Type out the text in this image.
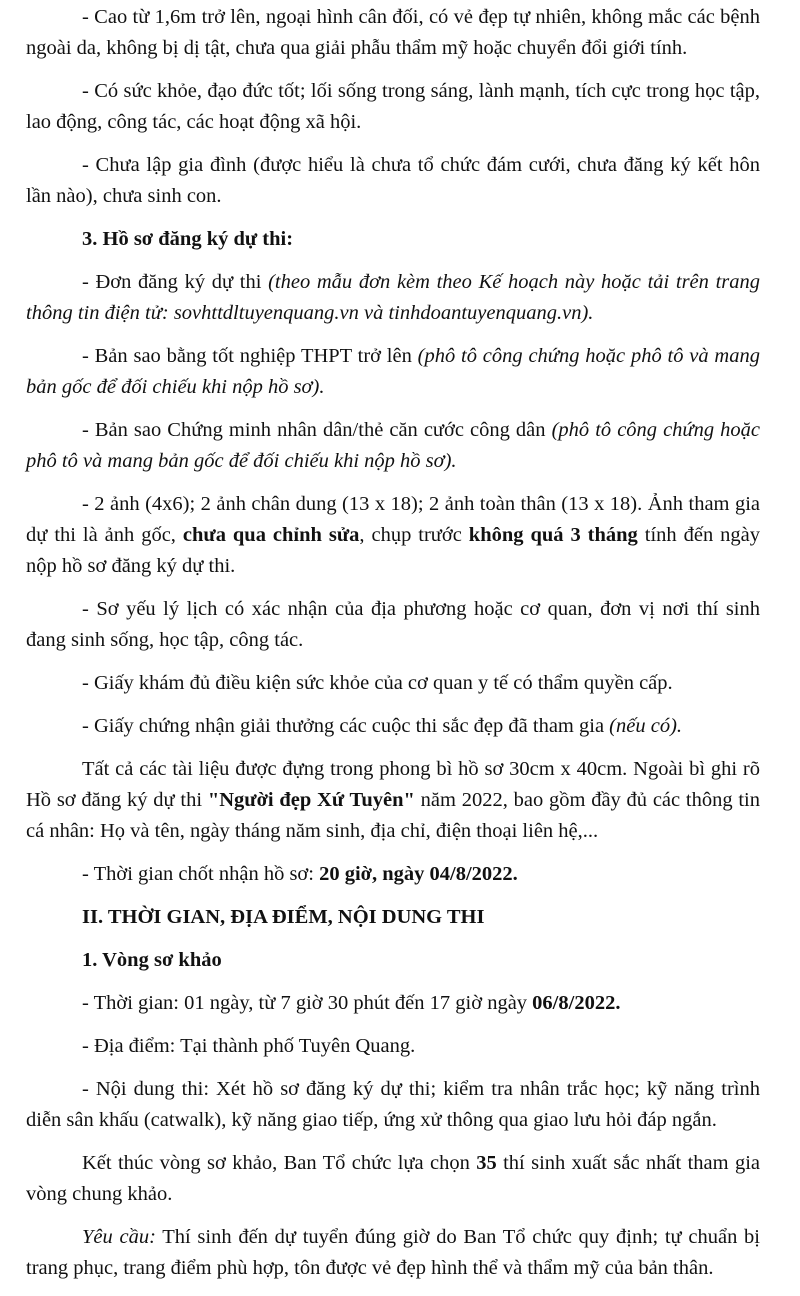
- Cao từ 1,6m trở lên, ngoại hình cân đối, có vẻ đẹp tự nhiên, không mắc các bệnh ngoài da, không bị dị tật, chưa qua giải phẫu thẩm mỹ hoặc chuyển đổi giới tính.

- Có sức khỏe, đạo đức tốt; lối sống trong sáng, lành mạnh, tích cực trong học tập, lao động, công tác, các hoạt động xã hội.

- Chưa lập gia đình (được hiểu là chưa tổ chức đám cưới, chưa đăng ký kết hôn lần nào), chưa sinh con.

3. Hồ sơ đăng ký dự thi:

- Đơn đăng ký dự thi (theo mẫu đơn kèm theo Kế hoạch này hoặc tải trên trang thông tin điện tử: sovhttdltuyenquang.vn và tinhdoantuyenquang.vn).

- Bản sao bằng tốt nghiệp THPT trở lên (phô tô công chứng hoặc phô tô và mang bản gốc để đối chiếu khi nộp hồ sơ).

- Bản sao Chứng minh nhân dân/thẻ căn cước công dân (phô tô công chứng hoặc phô tô và mang bản gốc để đối chiếu khi nộp hồ sơ).

- 2 ảnh (4x6); 2 ảnh chân dung (13 x 18); 2 ảnh toàn thân (13 x 18). Ảnh tham gia dự thi là ảnh gốc, chưa qua chỉnh sửa, chụp trước không quá 3 tháng tính đến ngày nộp hồ sơ đăng ký dự thi.

- Sơ yếu lý lịch có xác nhận của địa phương hoặc cơ quan, đơn vị nơi thí sinh đang sinh sống, học tập, công tác.

- Giấy khám đủ điều kiện sức khỏe của cơ quan y tế có thẩm quyền cấp.

- Giấy chứng nhận giải thưởng các cuộc thi sắc đẹp đã tham gia (nếu có).

Tất cả các tài liệu được đựng trong phong bì hồ sơ 30cm x 40cm. Ngoài bì ghi rõ Hồ sơ đăng ký dự thi "Người đẹp Xứ Tuyên" năm 2022, bao gồm đầy đủ các thông tin cá nhân: Họ và tên, ngày tháng năm sinh, địa chỉ, điện thoại liên hệ,...

- Thời gian chốt nhận hồ sơ: 20 giờ, ngày 04/8/2022.

II. THỜI GIAN, ĐỊA ĐIỂM, NỘI DUNG THI

1. Vòng sơ khảo

- Thời gian: 01 ngày, từ 7 giờ 30 phút đến 17 giờ ngày 06/8/2022.

- Địa điểm: Tại thành phố Tuyên Quang.

- Nội dung thi: Xét hồ sơ đăng ký dự thi; kiểm tra nhân trắc học; kỹ năng trình diễn sân khấu (catwalk), kỹ năng giao tiếp, ứng xử thông qua giao lưu hỏi đáp ngắn.

Kết thúc vòng sơ khảo, Ban Tổ chức lựa chọn 35 thí sinh xuất sắc nhất tham gia vòng chung khảo.

Yêu cầu: Thí sinh đến dự tuyển đúng giờ do Ban Tổ chức quy định; tự chuẩn bị trang phục, trang điểm phù hợp, tôn được vẻ đẹp hình thể và thẩm mỹ của bản thân.
